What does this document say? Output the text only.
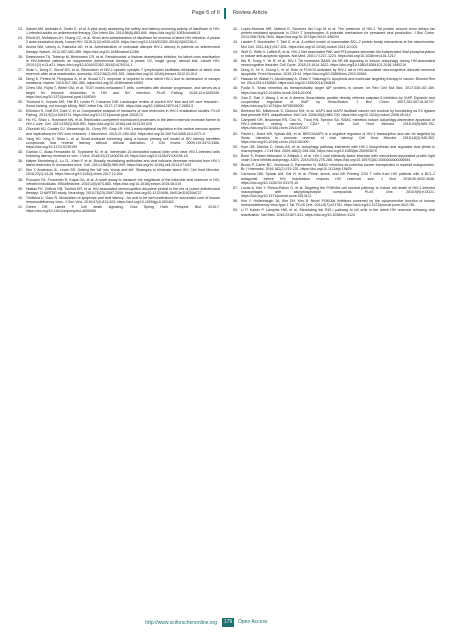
Page 6 of 6	Review Article
23. Sakaki AM, Andrade A, Osafo E, et al. A pilot study assessing the safety and latency-reversing activity of disulfiram in HIV-1-infected adults on antiretroviral therapy. Clin Infect Dis. 2014;58(6):883-890. https://doi.org/10.1093/cid/cit813
24. Elliott JH, McMahon JH, Chang CC, et al. Short-term administration of disulfiram for reversal of latent HIV infection: A phase 2 dose-escalation study. Lancet HIV. 2015;2(12):e520-e529. https://doi.org/10.1016/S2352-3018(15)00226-X
25. Archin NM, Liberty A, Kashuba AD, et al. Administration of vorinostat disrupts HIV-1 latency in patients on antiretroviral therapy. Nature. 2012;487:482-485. https://doi.org/10.1038/nature11286
26. Rasmussen TA, Tolstrup M, Brinkmann CR, et al. Panobinostat, a histone deacetylase inhibitor, for latent-virus reactivation in HIV-infected patients on suppressive antiretroviral therapy: A phase 1/2, single group, clinical trial. Lancet HIV. 2014;1(1):e13-e21. https://doi.org/10.1016/S2352-3018(14)70014-1
27. Shan L, Deng K, Shroff NS, et al. Stimulation of HIV-1-specific cytolytic T lymphocytes facilitates elimination of latent viral reservoir after virus reactivation. Immunity. 2012;36(3):491-501. https://doi.org/10.1016/j.immuni.2012.01.014
28. Deng K, Pertea M, Rongvaux A, et al. Broad CTL response is required to clear latent HIV-1 due to dominance of escape mutations. Nature. 2015;517:381-385. https://doi.org/10.1038/nature14053
29. Chew GM, Fujita T, Webb GM, et al. TIGIT marks exhausted T cells, correlates with disease progression, and serves as a target for immune restoration in HIV and SIV infection. PLoS Pathog. 2016;12:e1005349. https://doi.org/10.1371/journal.ppat.1005349
30. Thorlund K, Horwitz MS, Fife BT, Lester R, Cameron DW. Landscape review of current HIV 'kick and kill' cure research - Some kicking, not enough killing. BMC Infect Dis. 2017;17:595. https://doi.org/10.1186/s12879-017-2683-3
31. Eriksson S, Graf EH, Dahl V, et al. Comparative analysis of measures of viral reservoirs in HIV-1 eradication studies. PLoS Pathog. 2013;9(2):e1003174. https://doi.org/10.1371/journal.ppat.1003174
32. Ho YC, Shan L, Hosmane NN, et al. Replication-competent noninduced proviruses in the latent reservoir increase barrier to HIV-1 cure. Cell. 2013;155(3):540-551. https://doi.org/10.1016/j.cell.2013.09.020
33. Churchill MJ, Cowley DJ, Wesselingh SL, Gorry PR, Gray LR. HIV-1 transcriptional regulation in the central nervous system and implications for HIV cure research. J Neurovirol. 2015;21:290-300. https://doi.org/10.1007/s13365-014-0271-5
34. Yang HC, Xing S, Shan L, et al. Small-molecule screening using a human primary cell model of HIV latency identifies compounds that reverse latency without cellular activation. J Clin Invest. 2009;119:3473-3486. https://doi.org/10.1172/JCI39199
35. Garrido C, Abad-Fernandez M, Tuyishime M, et al. Interleukin-15-stimulated natural killer cells clear HIV-1-infected cells following latency reversal ex vivo. J Virol. 2018;92(12):e00235-18. https://doi.org/10.1128/JVI.00235-18
36. Halper-Stromberg A, Lu CL, Klein F, et al. Broadly neutralizing antibodies and viral inducers decrease rebound from HIV-1 latent reservoirs in humanized mice. Cell. 2014;158(5):989-999. https://doi.org/10.1016/j.cell.2014.07.043
37. Kim Y, Anderson JL, Lewin SR. Getting the 'kill' into 'shock and kill': Strategies to eliminate latent HIV. Cell Host Microbe. 2018;23(1):14-26. https://doi.org/10.1016/j.chom.2017.12.004
38. Procopio FA, Fromentin R, Kulpa DA, et al. A novel assay to measure the magnitude of the inducible viral reservoir in HIV-infected individuals. EBioMedicine. 2015;2(8):874-883. https://doi.org/10.1016/j.ebiom.2015.06.019
39. Hiatian FK, Clifford GB, Tumbla ER, et al. HIV-associated neurocognitive disorders persist in the era of potent antiretroviral therapy: CHARTER study. Neurology. 2010;75(23):2087-2096. https://doi.org/10.1212/WNL.0b013e318200d727
40. Timilsina U, Gaur R. Modulation of apoptosis and viral latency - An axis to be well understood for successful cure of human immunodeficiency virus. J Gen Virol. 2016;97(4):813-824. https://doi.org/10.1099/jgv.0.000402
41. Green DR, Llambi F. Cell death signaling. Cold Spring Harb Perspect Biol. 2015;7. https://doi.org/10.1101/cshperspect.a006080
42. Lopez-Huertas MR, Mateos E, Sanchez del Cojo M et al. The presence of HIV-1 Tat protein second exon delays fas protein-mediated apoptosis in CD4+ T lymphocytes: A potential mechanism for persistent viral production. J Biol Chem. 2013;288:7626-7644. https://doi.org/10.1074/jbc.M112.408294
43. Lamkin F, Mordmuller T, Tarli S, et al. A unified model of mammalian BCL-2 protein family interactions at the mitochondria. Mol Cell. 2011;44(4):517-531. https://doi.org/10.1016/j.molcel.2011.10.001
44. Wolf D, Witte V, Laffert B, et al. HIV-1 Nef associated PAK and PI3-kinases stimulate Akt-independent Bad-phosphorylation to induce anti-apoptotic signals. Nat Med. 2001;7:1217-1224. https://doi.org/10.1038/nm1101-1217
45. Wu R, Dong Y, Ye R, et al. HIV-1 Tat increases BAD5 via NF-kB signaling to induce autophagy during HIV-associated neurocognitive disorder. Cell Cycle. 2018;13:1614-1622. https://doi.org/10.1080/15384101.2018.1480219
46. Dong H, Ye X, Zhong L, et al. Role of FOXO3 activated by HIV-1 tat in HIV-associated neurocognitive disorder neuronal apoptosis. Front Neurosci. 2019;13:44. https://doi.org/10.3389/fnins.2019.00044
47. Hassan M, Watari H, AbuAlmaaty A, Ohba Y, Sakuragi N. Apoptosis and molecular targeting therapy in cancer. Biomed Res Int. 2014;2014:150845. https://doi.org/10.1155/2014/150845
48. Fulda S. Smac mimetics as therapeutically target IAP proteins in cancer. Int Rev Cell Mol Biol. 2017;330:157-169. https://doi.org/10.1016/bs.ircmb.2016.09.004
49. Gao Z, Tian Y, Wang J, et al. A dimeric Smac/diablo peptide directly relieves caspase-3 inhibition by XIAP. Dynamic and cooperative regulation of XIAP by Smac/Diablo. J Biol Chem. 2007;282:30718-30727. https://doi.org/10.1074/jbc.M705258200
50. Bertrand MJ, Milutinovic S, Dickson KM, et al. cIAP1 and cIAP2 facilitate cancer cell survival by functioning as E3 ligases that promote RIP1 ubiquitination. Mol Cell. 2008;30(6):689-700. https://doi.org/10.1016/j.molcel.2008.05.014
51. Campbell GR, Bruckman RS, Chu YL, Trout RN, Spector SA. SMAC mimetics induce autophagy-dependent apoptosis of HIV-1-infected resting memory CD4+ T cells. Cell Host Microbe. 2018;24(5):689-702. https://doi.org/10.1016/j.chom.2018.09.007
52. Pache L, Dutra MS, Spivak AM, et al. BIRC2/cIAP1 is a negative regulator of HIV-1 transcription and can be targeted by Smac mimetics to promote reversal of viral latency. Cell Host Microbe. 2015;18(3):345-353. https://doi.org/10.1016/j.chom.2015.08.009
53. Kyei GB, Dinkins C, Davis AS, et al. Autophagy pathway intersects with HIV-1 biosynthesis and regulates viral yields in macrophages. J Cell Biol. 2009;186(2):255-268. https://doi.org/10.1083/jcb.200903070
54. Borel S, Robert-Hebmann V, Alfaisal J, et al. HIV-1 viral infectivity factor interacts with microtubule-associated protein light chain 3 and inhibits autophagy. AIDS. 2015;29(3):275-286. https://doi.org/10.1097/QAD.0000000000000554
55. Bucks P, Carter BC, Vornicova S, Parmentier N. SMAC mimetics as potential cancer therapeutics in myeloid malignancies. Br J Haematol. 2016;182(2):219-231. https://doi.org/10.1111/bjh.15629
56. Carmona NM, Spivak AM, Dai H, et al. Prime, shock, and kill: Priming CD4 T cells from HIV patients with a BCL-2 antagonist before HIV reactivation reduces HIV reservoir size. J Virol. 2016;90:4032-4048. https://doi.org/10.1128/JVI.03179-15
57. Lucas A, Kim Y, Rivera-Pabon O, et al. Targeting the PI3K/Akt cell survival pathway to induce cell death of HIV-1 infected macrophages with alkylphospholipid compounds. PLoS One. 2010;5(9):e13121. https://doi.org/10.1371/journal.pone.0013121
58. Kim Y, Hollenbaugh JA, Kim DH, Kim B. Novel PI3K/Akt inhibitors screened by the cytoprotective function of human immunodeficiency virus type 1 Tat. PLoS One. 2011;6(7):e21781. https://doi.org/10.1371/journal.pone.0021781
59. Li P, Kaiser P, Lampiris HW, et al. Stimulating the RIG-I pathway to kill cells in the latent HIV reservoir following viral reactivation. Nat Med. 2016;22:807-811. https://doi.org/10.1038/nm.4124
http://www.sciforschenonline.org	179	Open Access
